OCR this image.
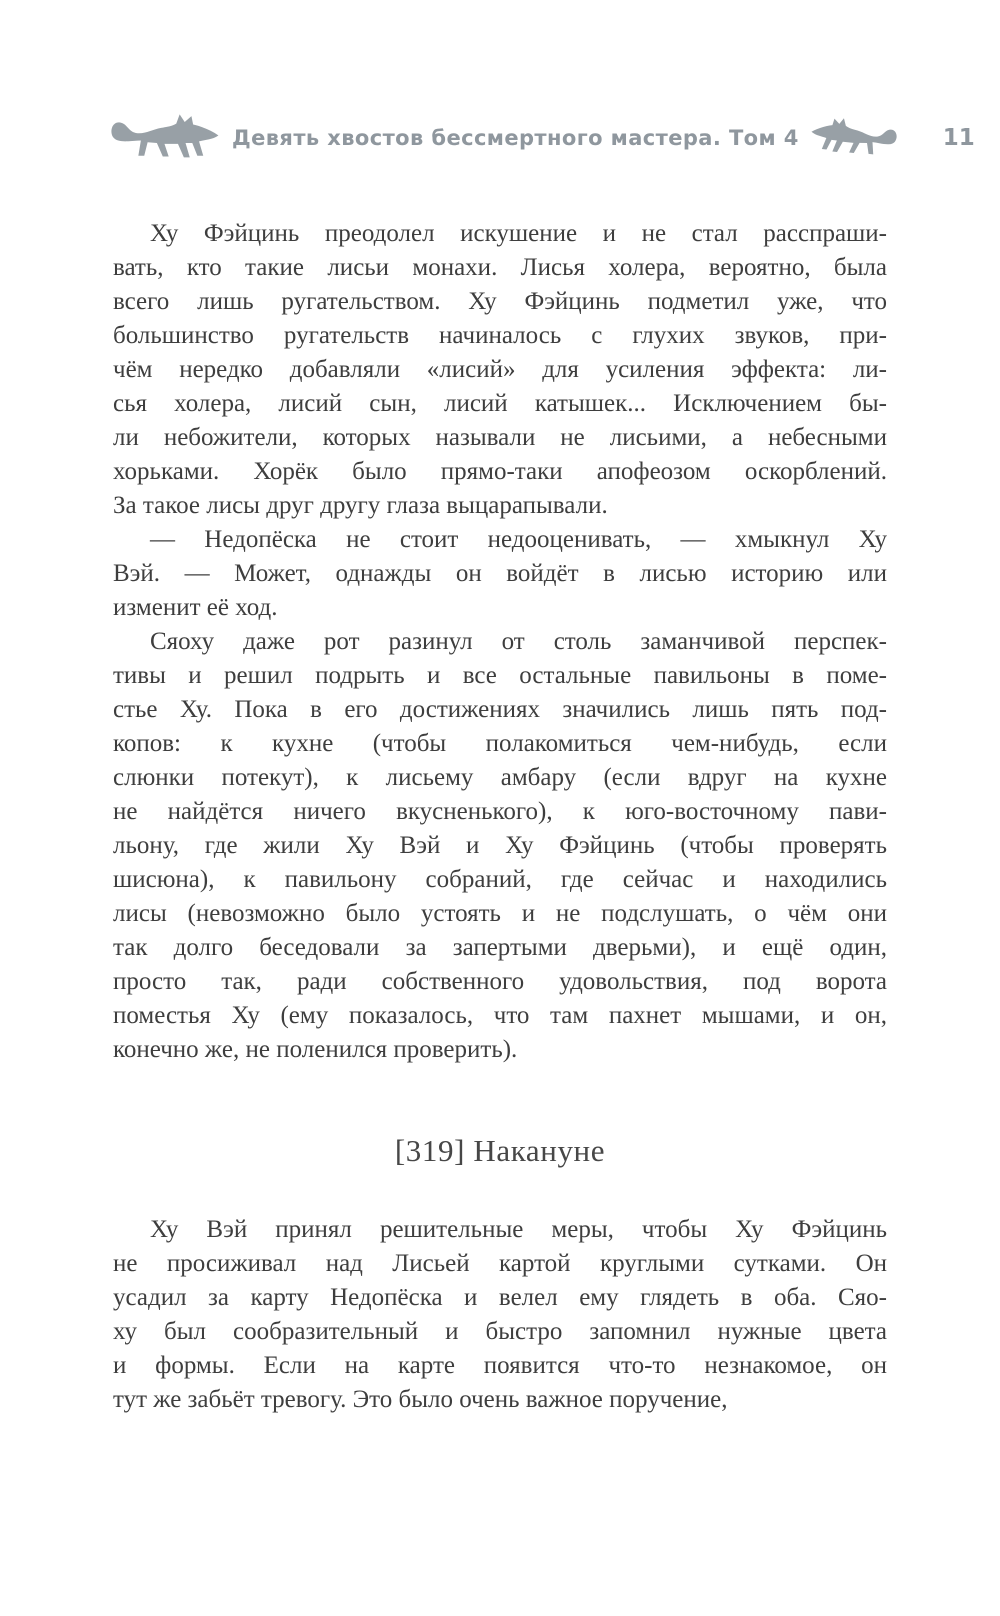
Девять хвостов бессмертного мастера. Том 4	11
Ху Фэйцинь преодолел искушение и не стал расспраши-
вать, кто такие лисьи монахи. Лисья холера, вероятно, была
всего лишь ругательством. Ху Фэйцинь подметил уже, что
большинство ругательств начиналось с глухих звуков, при-
чём нередко добавляли «лисий» для усиления эффекта: ли-
сья холера, лисий сын, лисий катышек... Исключением бы-
ли небожители, которых называли не лисьими, а небесными
хорьками. Хорёк было прямо-таки апофеозом оскорблений.
За такое лисы друг другу глаза выцарапывали.
— Недопёска не стоит недооценивать, — хмыкнул Ху
Вэй. — Может, однажды он войдёт в лисью историю или
изменит её ход.
Сяоху даже рот разинул от столь заманчивой перспек-
тивы и решил подрыть и все остальные павильоны в поме-
стье Ху. Пока в его достижениях значились лишь пять под-
копов: к кухне (чтобы полакомиться чем-нибудь, если
слюнки потекут), к лисьему амбару (если вдруг на кухне
не найдётся ничего вкусненького), к юго-восточному пави-
льону, где жили Ху Вэй и Ху Фэйцинь (чтобы проверять
шисюна), к павильону собраний, где сейчас и находились
лисы (невозможно было устоять и не подслушать, о чём они
так долго беседовали за запертыми дверьми), и ещё один,
просто так, ради собственного удовольствия, под ворота
поместья Ху (ему показалось, что там пахнет мышами, и он,
конечно же, не поленился проверить).
[319] Накануне
Ху Вэй принял решительные меры, чтобы Ху Фэйцинь
не просиживал над Лисьей картой круглыми сутками. Он
усадил за карту Недопёска и велел ему глядеть в оба. Сяо-
ху был сообразительный и быстро запомнил нужные цвета
и формы. Если на карте появится что-то незнакомое, он
тут же забьёт тревогу. Это было очень важное поручение,
